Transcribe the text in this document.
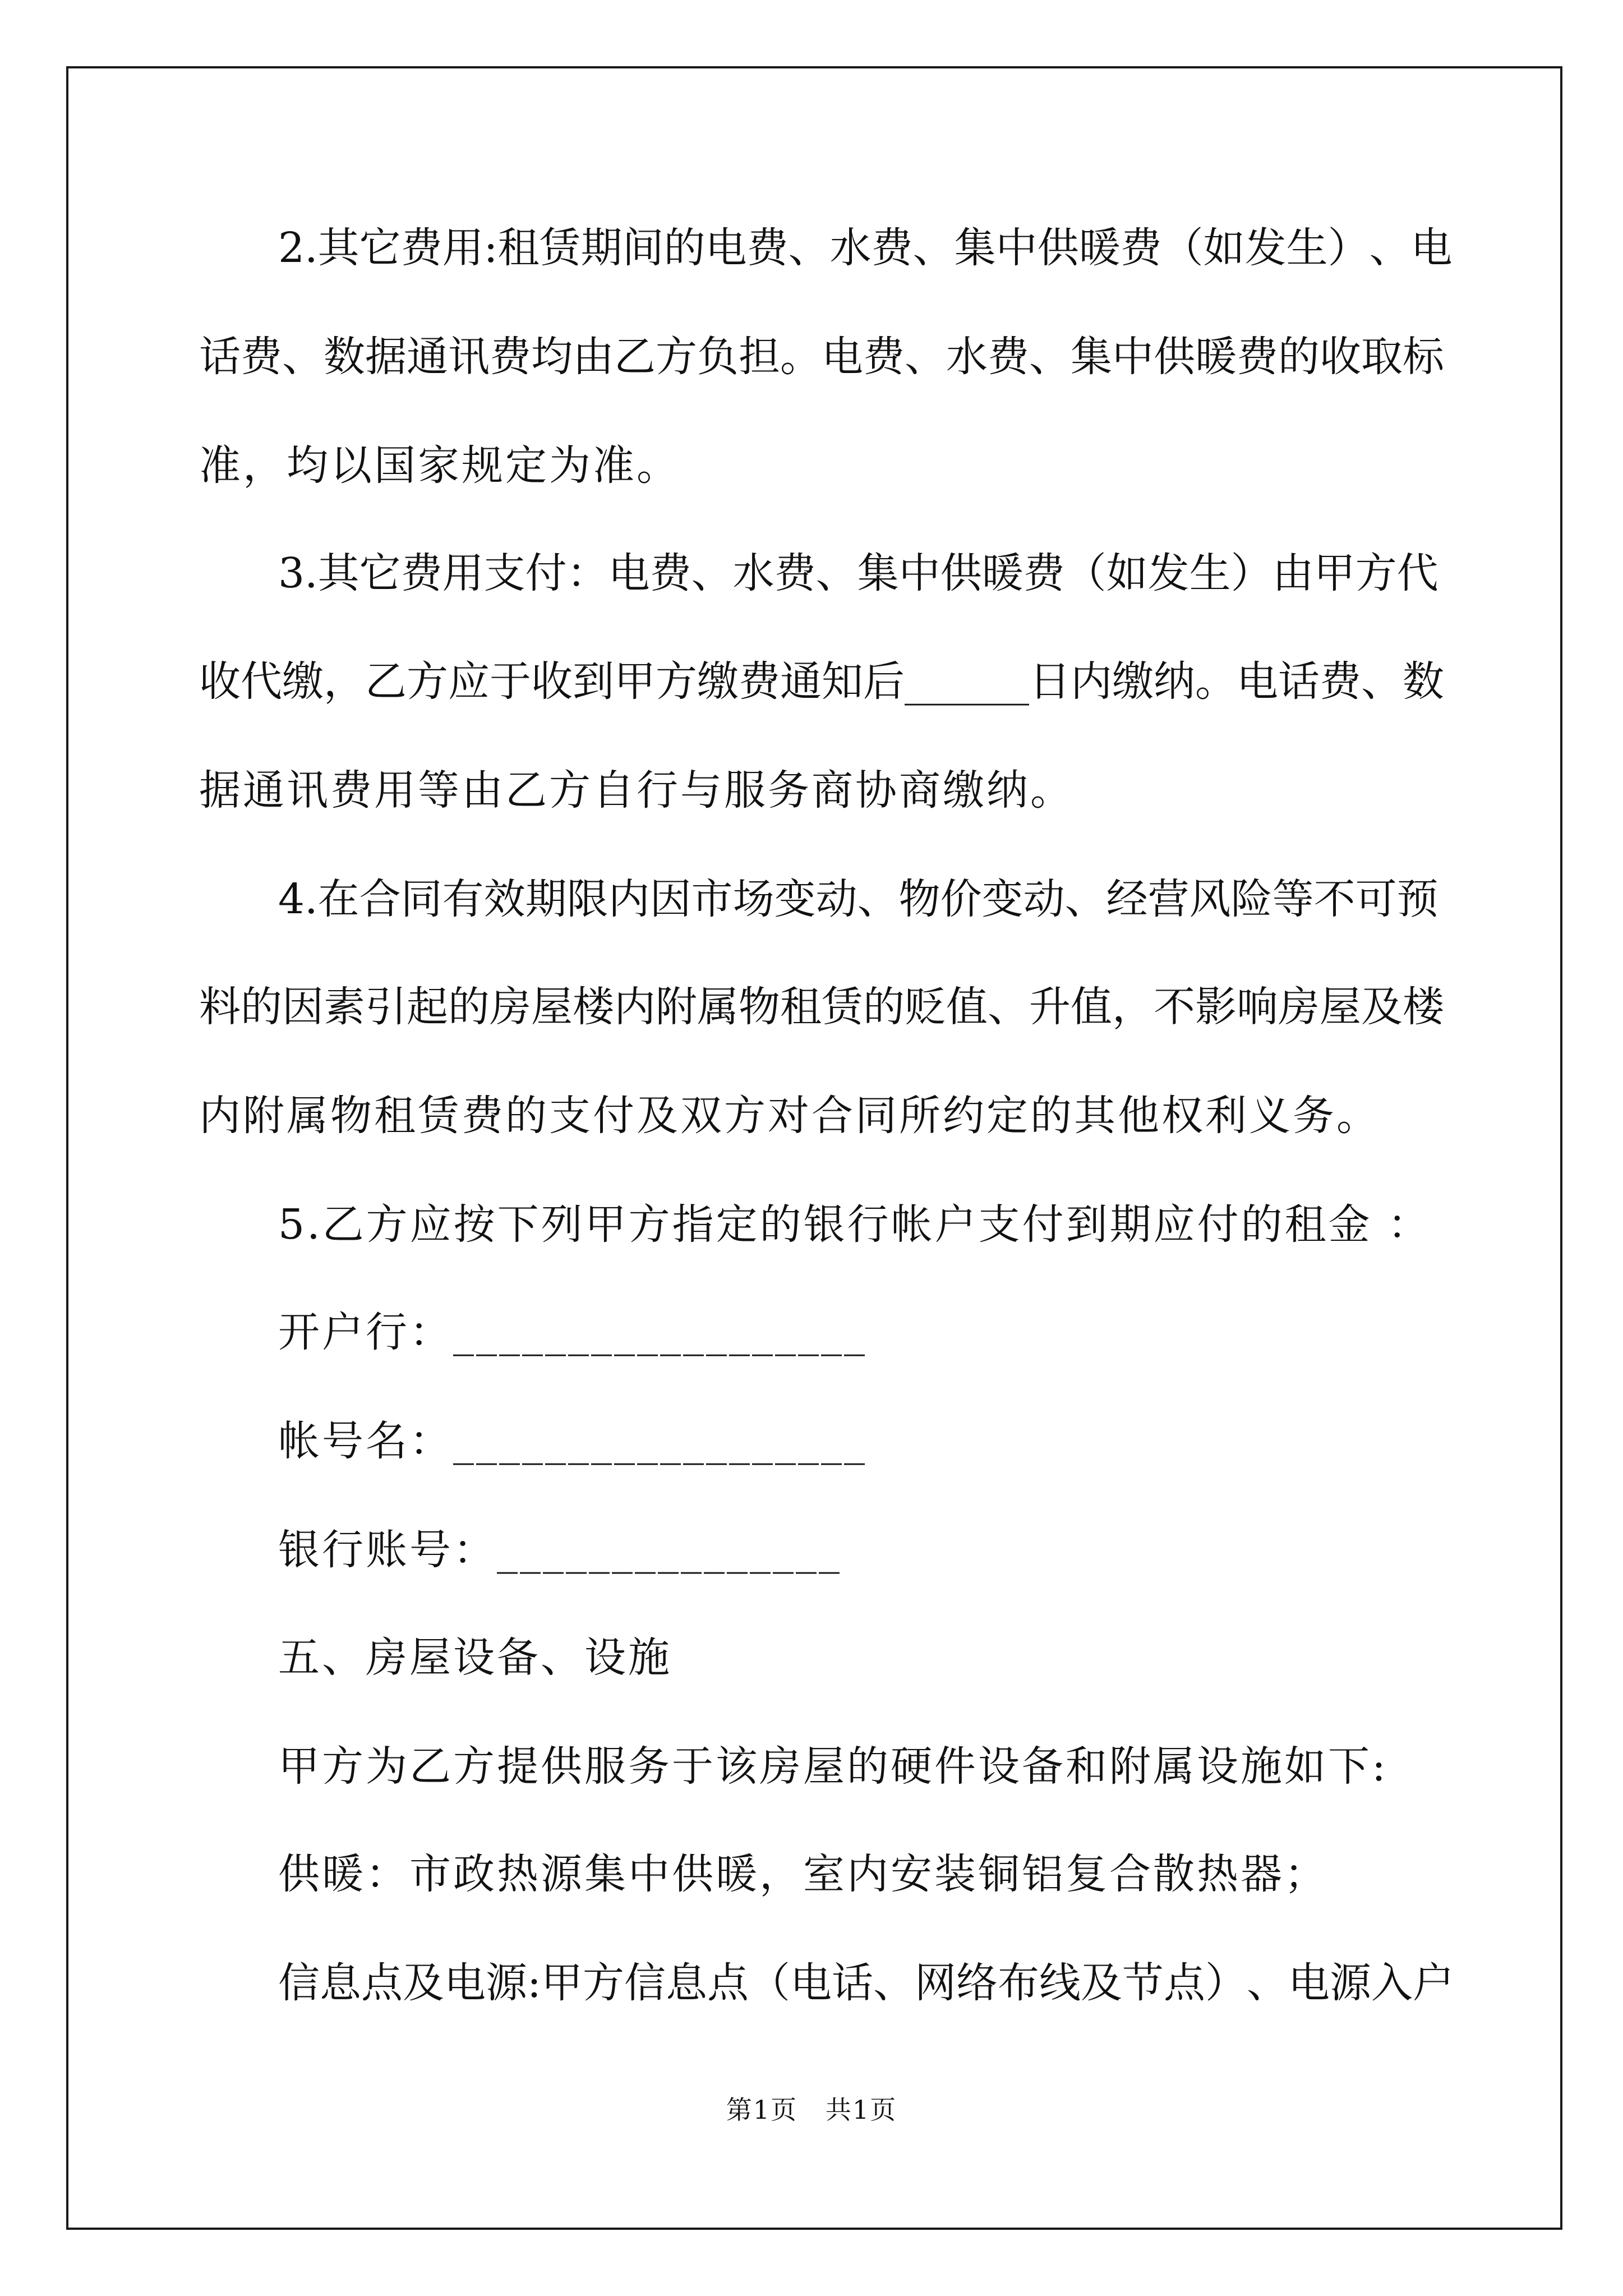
2 . 其 它 费 用 : 租 赁 期 间 的 电 费 、 水 费 、 集 中 供 暖 费 （ 如 发 生 ） 、 电

话 费 、 数 据 通 讯 费 均 由 乙 方 负 担 。 电 费 、 水 费 、 集 中 供 暖 费 的 收 取 标

准，均以国家规定为准。

3 . 其 它 费 用 支 付 ： 电 费 、 水 费 、 集 中 供 暖 费 （ 如 发 生 ） 由 甲 方 代

收 代 缴 ， 乙 方 应 于 收 到 甲 方 缴 费 通 知 后 ______ 日 内 缴 纳 。 电 话 费 、 数

据通讯费用等由乙方自行与服务商协商缴纳。

4 . 在 合 同 有 效 期 限 内 因 市 场 变 动 、 物 价 变 动 、 经 营 风 险 等 不 可 预

料 的 因 素 引 起 的 房 屋 楼 内 附 属 物 租 赁 的 贬 值 、 升 值 ， 不 影 响 房 屋 及 楼

内附属物租赁费的支付及双方对合同所约定的其他权利义务。

5.乙方应按下列甲方指定的银行帐户支付到期应付的租金 ：

开户行：__________________

帐号名：__________________

银行账号：_______________

五、房屋设备、设施

甲方为乙方提供服务于该房屋的硬件设备和附属设施如下:

供暖：市政热源集中供暖，室内安装铜铝复合散热器；

信 息 点 及 电 源 : 甲 方 信 息 点 （ 电 话 、 网 络 布 线 及 节 点 ） 、 电 源 入 户

第1页   共1页
